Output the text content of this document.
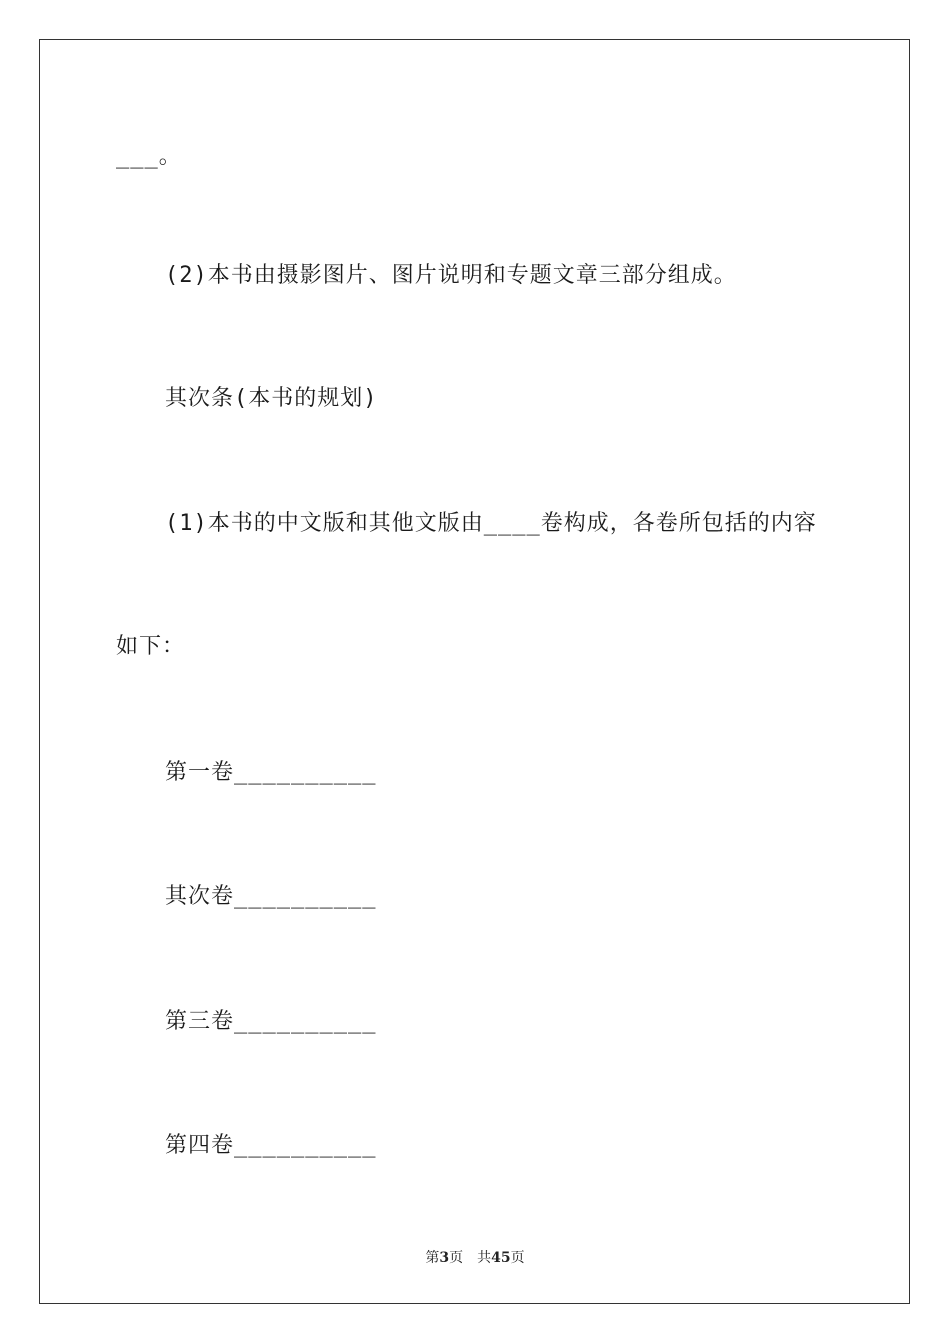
___。
(2)本书由摄影图片、图片说明和专题文章三部分组成。
其次条(本书的规划)
(1)本书的中文版和其他文版由____卷构成，各卷所包括的内容
如下：
第一卷__________
其次卷__________
第三卷__________
第四卷__________
第3页　共45页
